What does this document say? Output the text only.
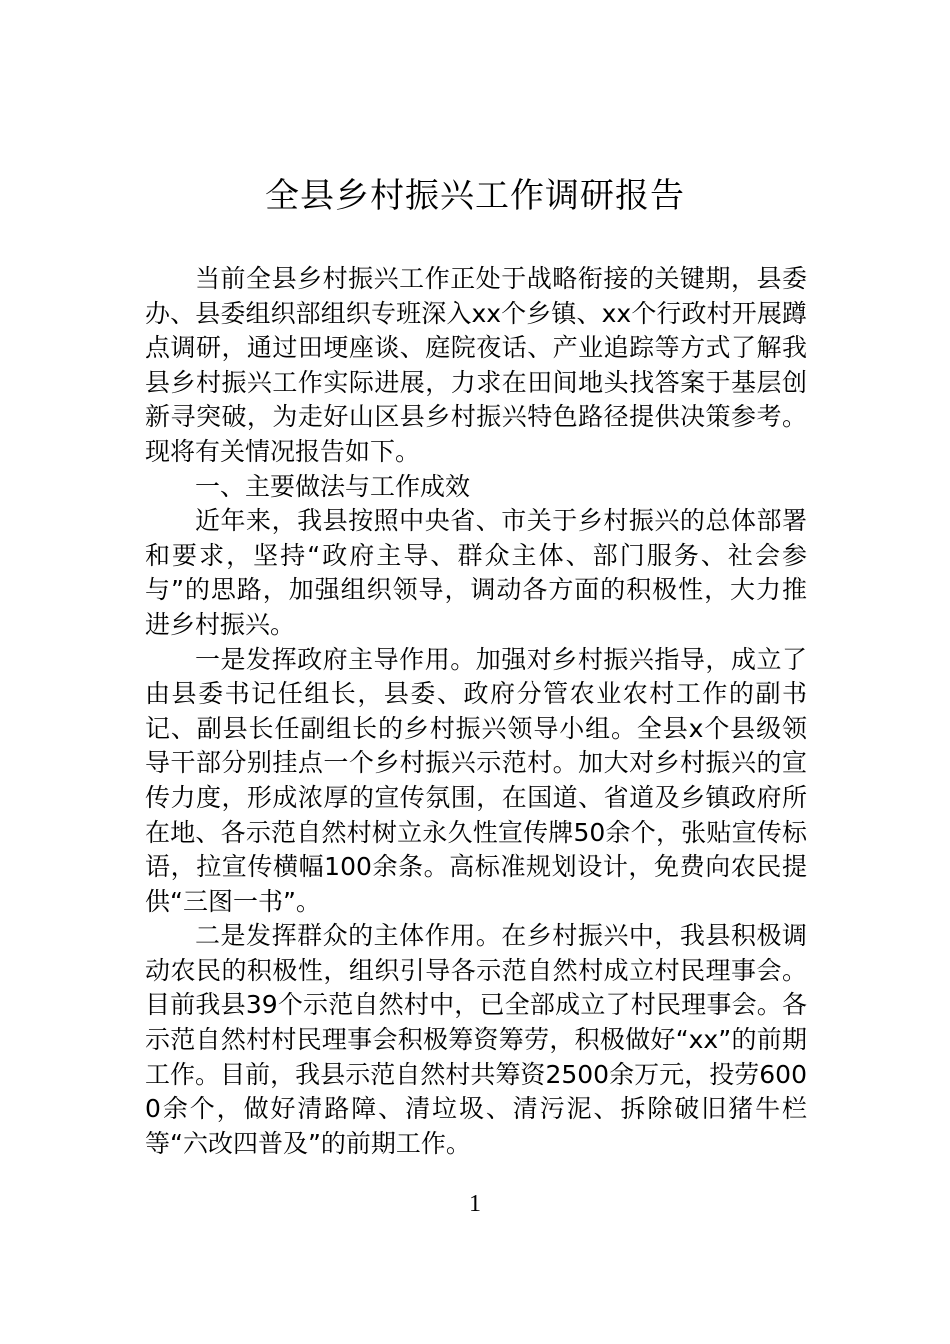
全县乡村振兴工作调研报告

当前全县乡村振兴工作正处于战略衔接的关键期，县委办、县委组织部组织专班深入xx个乡镇、xx个行政村开展蹲点调研，通过田埂座谈、庭院夜话、产业追踪等方式了解我县乡村振兴工作实际进展，力求在田间地头找答案于基层创新寻突破，为走好山区县乡村振兴特色路径提供决策参考。现将有关情况报告如下。

一、主要做法与工作成效

近年来，我县按照中央省、市关于乡村振兴的总体部署和要求，坚持“政府主导、群众主体、部门服务、社会参与”的思路，加强组织领导，调动各方面的积极性，大力推进乡村振兴。

一是发挥政府主导作用。加强对乡村振兴指导，成立了由县委书记任组长，县委、政府分管农业农村工作的副书记、副县长任副组长的乡村振兴领导小组。全县x个县级领导干部分别挂点一个乡村振兴示范村。加大对乡村振兴的宣传力度，形成浓厚的宣传氛围，在国道、省道及乡镇政府所在地、各示范自然村树立永久性宣传牌50余个，张贴宣传标语，拉宣传横幅100余条。高标准规划设计，免费向农民提供“三图一书”。

二是发挥群众的主体作用。在乡村振兴中，我县积极调动农民的积极性，组织引导各示范自然村成立村民理事会。目前我县39个示范自然村中，已全部成立了村民理事会。各示范自然村村民理事会积极筹资筹劳，积极做好“xx”的前期工作。目前，我县示范自然村共筹资2500余万元，投劳6000余个，做好清路障、清垃圾、清污泥、拆除破旧猪牛栏等“六改四普及”的前期工作。

1
